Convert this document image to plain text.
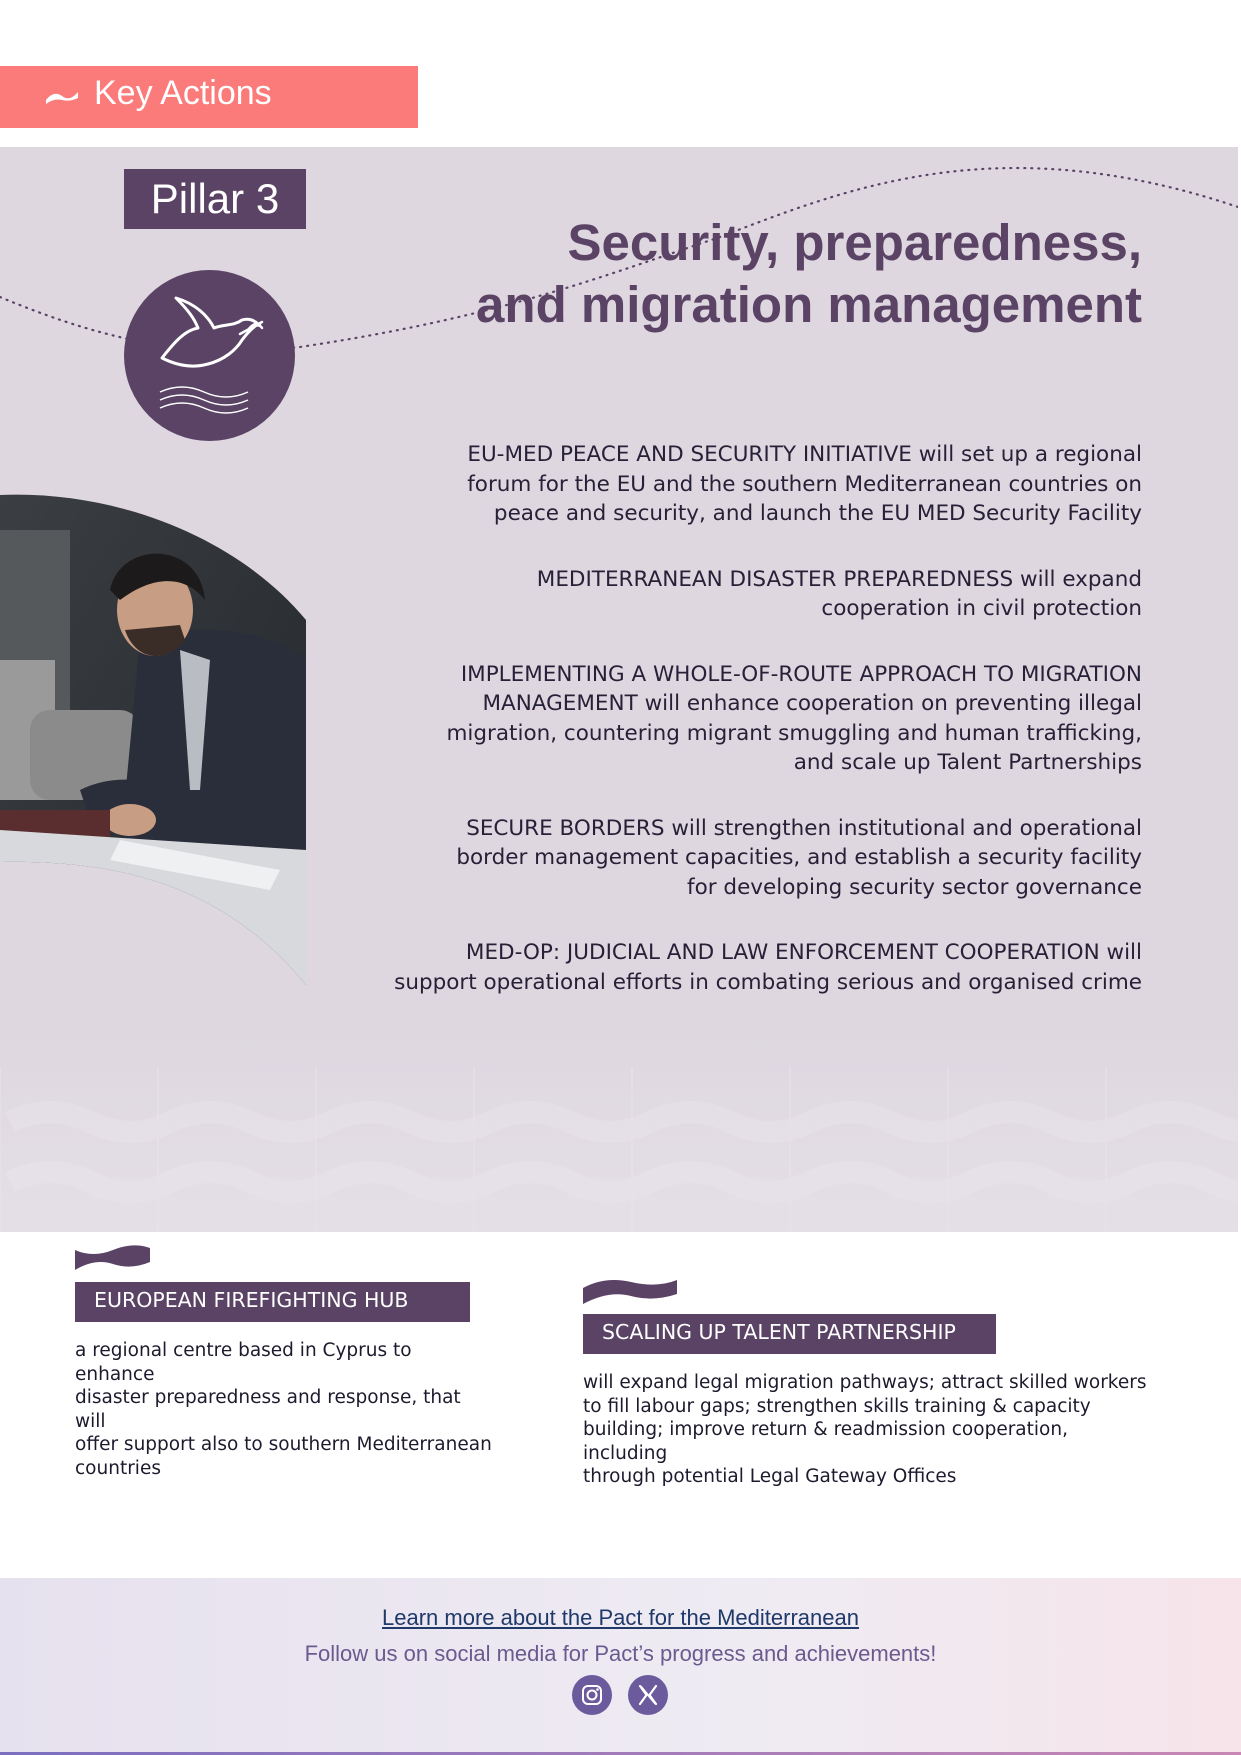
Key Actions
Pillar 3
Security, preparedness,
and migration management
EU-MED PEACE AND SECURITY INITIATIVE will set up a regional
forum for the EU and the southern Mediterranean countries on
peace and security, and launch the EU MED Security Facility
MEDITERRANEAN DISASTER PREPAREDNESS will expand
cooperation in civil protection
IMPLEMENTING A WHOLE-OF-ROUTE APPROACH TO MIGRATION
MANAGEMENT will enhance cooperation on preventing illegal
migration, countering migrant smuggling and human trafficking,
and scale up Talent Partnerships
SECURE BORDERS will strengthen institutional and operational
border management capacities, and establish a security facility
for developing security sector governance
MED-OP: JUDICIAL AND LAW ENFORCEMENT COOPERATION will
support operational efforts in combating serious and organised crime
EUROPEAN FIREFIGHTING HUB
a regional centre based in Cyprus to enhance
disaster preparedness and response, that will
offer support also to southern Mediterranean
countries
SCALING UP TALENT PARTNERSHIP
will expand legal migration pathways; attract skilled workers
to fill labour gaps; strengthen skills training & capacity
building; improve return & readmission cooperation, including
through potential Legal Gateway Offices
Learn more about the Pact for the Mediterranean
Follow us on social media for Pact’s progress and achievements!
